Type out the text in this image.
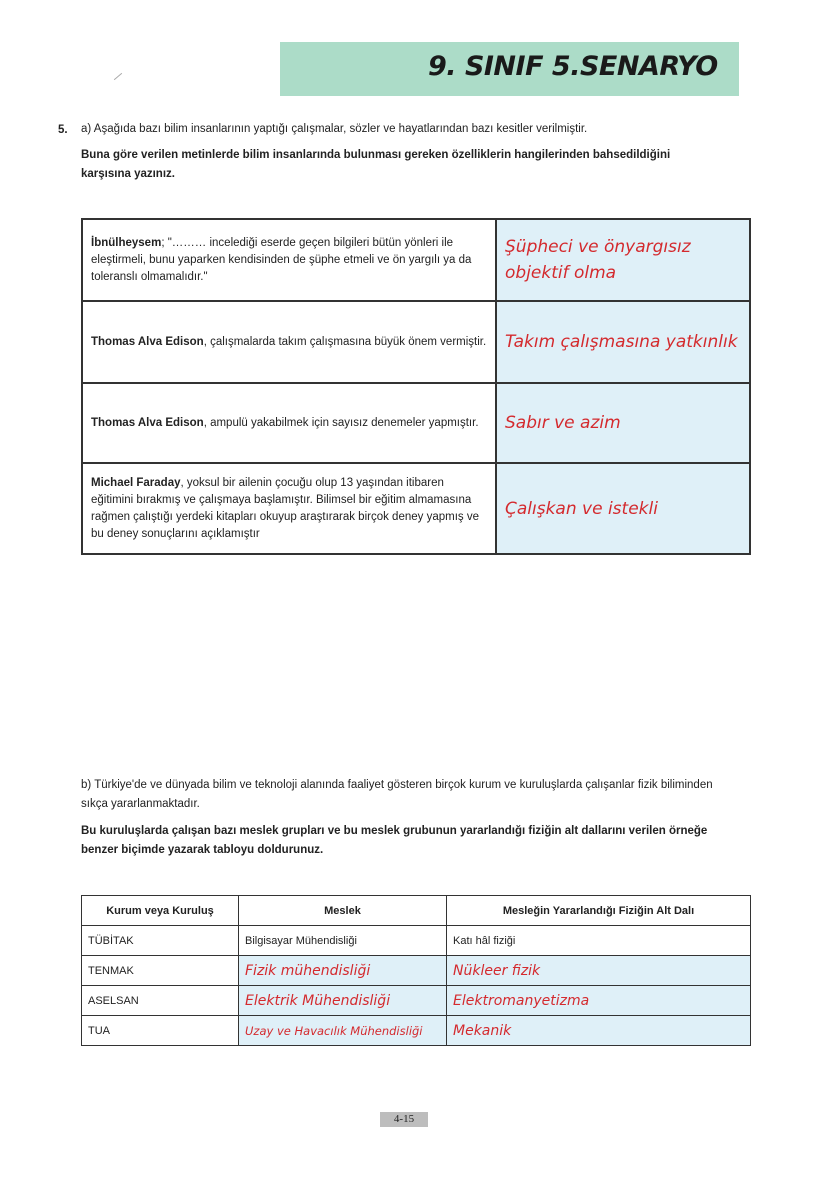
9. SINIF 5.SENARYO
5. a) Aşağıda bazı bilim insanlarının yaptığı çalışmalar, sözler ve hayatlarından bazı kesitler verilmiştir.
Buna göre verilen metinlerde bilim insanlarında bulunması gereken özelliklerin hangilerinden bahsedildiğini karşısına yazınız.
İbnülheysem; "……… incelediği eserde geçen bilgileri bütün yönleri ile eleştirmeli, bunu yaparken kendisinden de şüphe etmeli ve ön yargılı ya da toleranslı olmamalıdır."	Şüpheci ve önyargısız
objektif olma

Thomas Alva Edison, çalışmalarda takım çalışmasına büyük önem vermiştir.	Takım çalışmasına yatkınlık

Thomas Alva Edison, ampulü yakabilmek için sayısız denemeler yapmıştır.	Sabır ve azim

Michael Faraday, yoksul bir ailenin çocuğu olup 13 yaşından itibaren eğitimini bırakmış ve çalışmaya başlamıştır. Bilimsel bir eğitim almamasına rağmen çalıştığı yerdeki kitapları okuyup araştırarak birçok deney yapmış ve bu deney sonuçlarını açıklamıştır	Çalışkan ve istekli
b) Türkiye'de ve dünyada bilim ve teknoloji alanında faaliyet gösteren birçok kurum ve kuruluşlarda çalışanlar fizik biliminden sıkça yararlanmaktadır.
Bu kuruluşlarda çalışan bazı meslek grupları ve bu meslek grubunun yararlandığı fiziğin alt dallarını verilen örneğe benzer biçimde yazarak tabloyu doldurunuz.
Kurum veya Kuruluş	Meslek	Mesleğin Yararlandığı Fiziğin Alt Dalı
TÜBİTAK	Bilgisayar Mühendisliği	Katı hâl fiziği
TENMAK	Fizik mühendisliği	Nükleer fizik
ASELSAN	Elektrik Mühendisliği	Elektromanyetizma
TUA	Uzay ve Havacılık Mühendisliği	Mekanik
4-15
